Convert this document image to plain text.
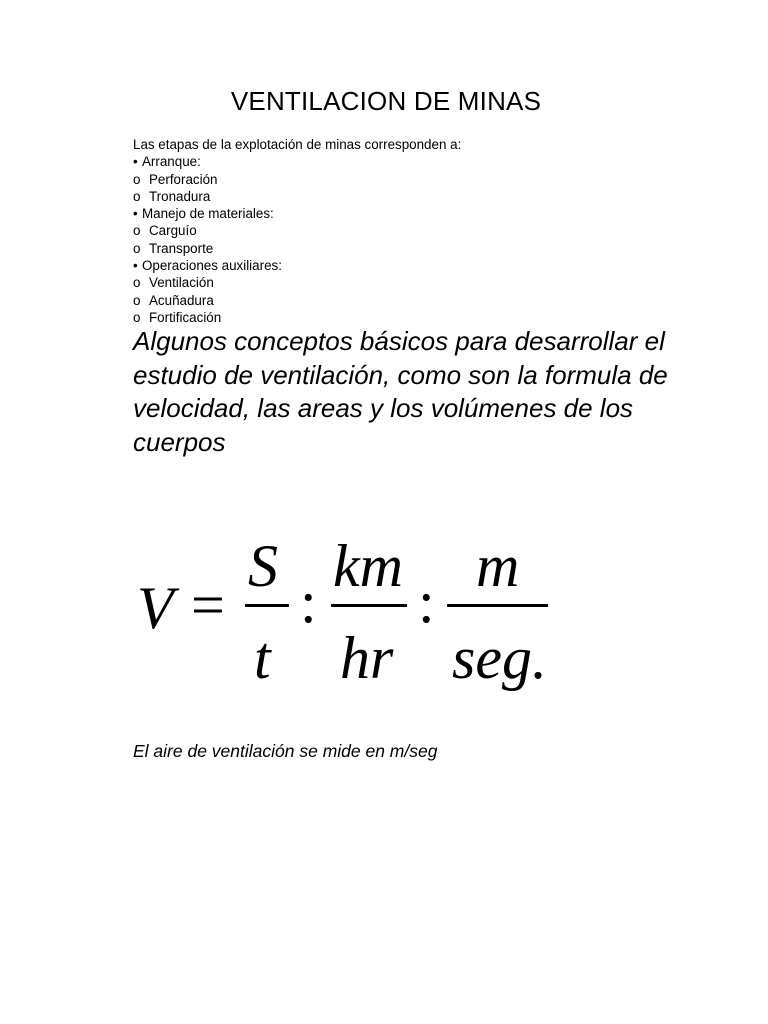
VENTILACION DE MINAS
Las etapas de la explotación de minas corresponden a:
• Arranque:
o Perforación
o Tronadura
• Manejo de materiales:
o Carguío
o Transporte
• Operaciones auxiliares:
o Ventilación
o Acuñadura
o Fortificación
Algunos conceptos básicos para desarrollar el estudio de ventilación, como son la formula de velocidad, las areas y los volúmenes de los cuerpos
V =
S
t
:
km
hr
:
m
seg.
El aire de ventilación se mide en m/seg
